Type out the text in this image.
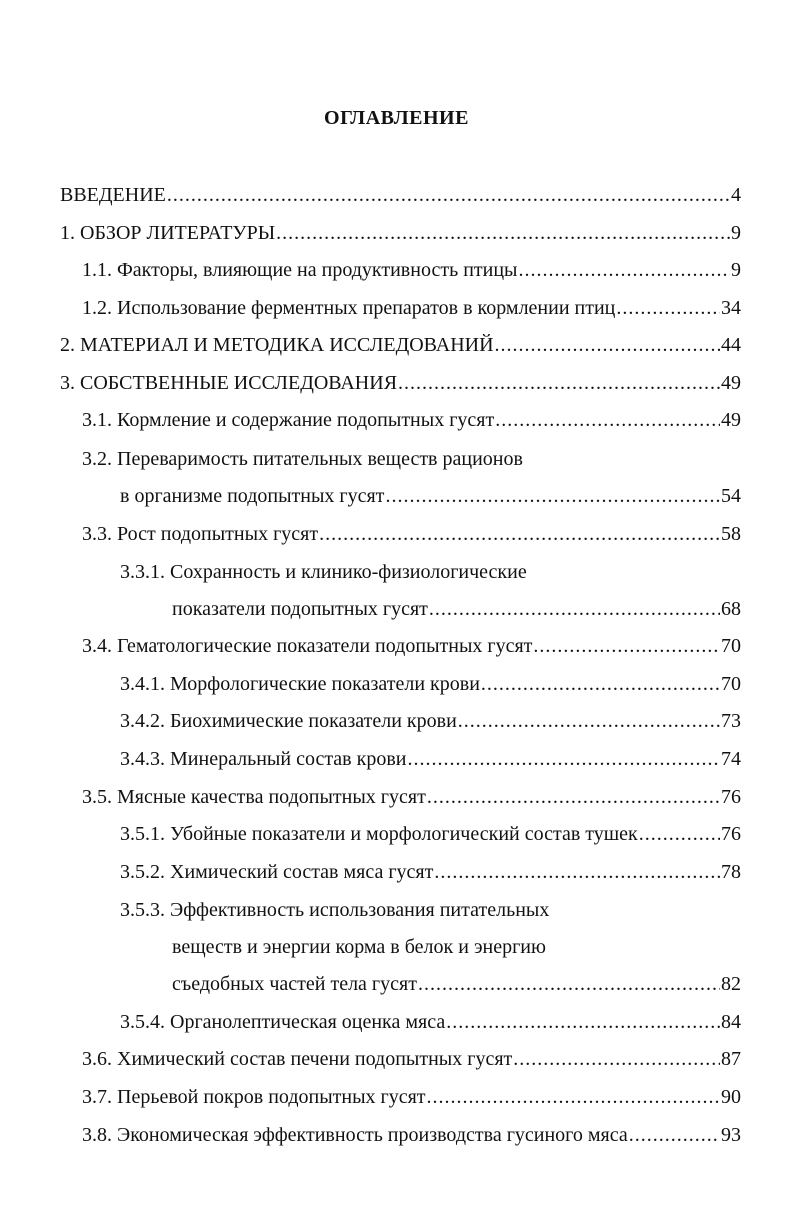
ОГЛАВЛЕНИЕ
ВВЕДЕНИЕ .....	4
1. ОБЗОР ЛИТЕРАТУРЫ .....	9
1.1. Факторы, влияющие на продуктивность птицы .....	9
1.2. Использование ферментных препаратов в кормлении птиц .....	34
2. МАТЕРИАЛ И МЕТОДИКА ИССЛЕДОВАНИЙ .....	44
3. СОБСТВЕННЫЕ ИССЛЕДОВАНИЯ .....	49
3.1. Кормление и содержание подопытных гусят .....	49
3.2. Переваримость питательных веществ рационов
в организме подопытных гусят .....	54
3.3. Рост подопытных гусят .....	58
3.3.1. Сохранность и клинико-физиологические
показатели подопытных гусят .....	68
3.4. Гематологические показатели подопытных гусят .....	70
3.4.1. Морфологические показатели крови .....	70
3.4.2. Биохимические показатели крови .....	73
3.4.3. Минеральный состав крови .....	74
3.5. Мясные качества подопытных гусят .....	76
3.5.1. Убойные показатели и морфологический состав тушек .....	76
3.5.2. Химический состав мяса гусят .....	78
3.5.3. Эффективность использования питательных
веществ и энергии корма в белок и энергию
съедобных частей тела гусят .....	82
3.5.4. Органолептическая оценка мяса .....	84
3.6. Химический состав печени подопытных гусят .....	87
3.7. Перьевой покров подопытных гусят .....	90
3.8. Экономическая эффективность производства гусиного мяса .....	93
